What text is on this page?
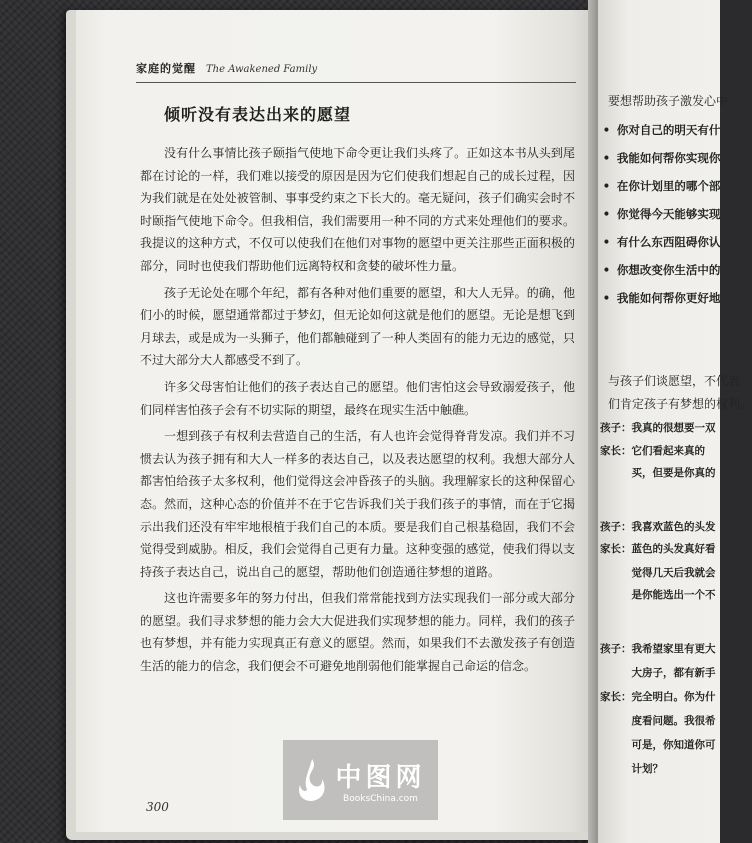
家庭的觉醒 The Awakened Family
倾听没有表达出来的愿望

没有什么事情比孩子颐指气使地下命令更让我们头疼了。正如这本书从头到尾都在讨论的一样，我们难以接受的原因是因为它们使我们想起自己的成长过程，因为我们就是在处处被管制、事事受约束之下长大的。毫无疑问，孩子们确实会时不时颐指气使地下命令。但我相信，我们需要用一种不同的方式来处理他们的要求。我提议的这种方式，不仅可以使我们在他们对事物的愿望中更关注那些正面积极的部分，同时也使我们帮助他们远离特权和贪婪的破坏性力量。

孩子无论处在哪个年纪，都有各种对他们重要的愿望，和大人无异。的确，他们小的时候，愿望通常都过于梦幻，但无论如何这就是他们的愿望。无论是想飞到月球去，或是成为一头狮子，他们都触碰到了一种人类固有的能力无边的感觉，只不过大部分大人都感受不到了。

许多父母害怕让他们的孩子表达自己的愿望。他们害怕这会导致溺爱孩子，他们同样害怕孩子会有不切实际的期望，最终在现实生活中触礁。

一想到孩子有权利去营造自己的生活，有人也许会觉得脊背发凉。我们并不习惯去认为孩子拥有和大人一样多的表达自己，以及表达愿望的权利。我想大部分人都害怕给孩子太多权利，他们觉得这会冲昏孩子的头脑。我理解家长的这种保留心态。然而，这种心态的价值并不在于它告诉我们关于我们孩子的事情，而在于它揭示出我们还没有牢牢地根植于我们自己的本质。要是我们自己根基稳固，我们不会觉得受到威胁。相反，我们会觉得自己更有力量。这种变强的感觉，使我们得以支持孩子表达自己，说出自己的愿望，帮助他们创造通往梦想的道路。

这也许需要多年的努力付出，但我们常常能找到方法实现我们一部分或大部分的愿望。我们寻求梦想的能力会大大促进我们实现梦想的能力。同样，我们的孩子也有梦想，并有能力实现真正有意义的愿望。然而，如果我们不去激发孩子有创造生活的能力的信念，我们便会不可避免地削弱他们能掌握自己命运的信念。

300
要想帮助孩子激发心中
• 你对自己的明天有什
• 我能如何帮你实现你
• 在你计划里的哪个部
• 你觉得今天能够实现
• 有什么东西阻碍你认
• 你想改变你生活中的
• 我能如何帮你更好地
与孩子们谈愿望，不代表
们肯定孩子有梦想的权利。
孩子：我真的很想要一双
家长：它们看起来真的
　　　买，但要是你真的
孩子：我喜欢蓝色的头发
家长：蓝色的头发真好看
　　　觉得几天后我就会
　　　是你能选出一个不
孩子：我希望家里有更大
　　　大房子，都有新手
家长：完全明白。你为什
　　　度看问题。我很希
　　　可是，你知道你可
　　　计划？
中图网
BooksChina.com
